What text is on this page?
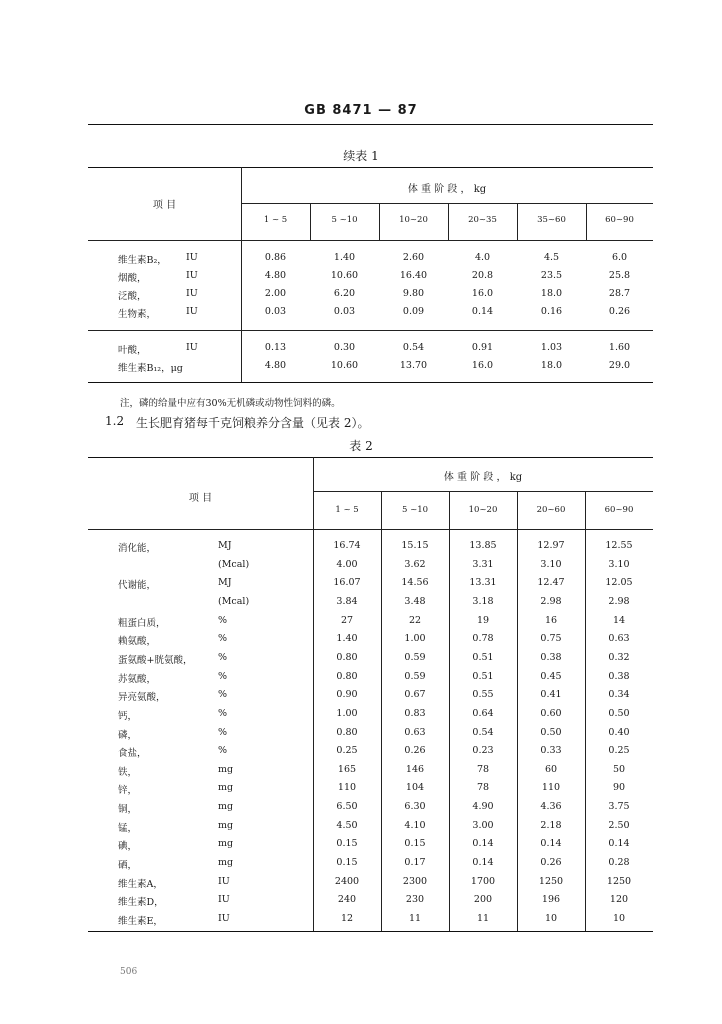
GB 8471 — 87
续表 1
项 目
体 重 阶 段 ， kg
1 ~ 5	5 ~10	10~20	20~35	35~60	60~90
维生素B₂， IU	0.86	1.40	2.60	4.0	4.5	6.0
烟酸，	IU	4.80	10.60	16.40	20.8	23.5	25.8
泛酸，	IU	2.00	6.20	9.80	16.0	18.0	28.7
生物素，	IU	0.03	0.03	0.09	0.14	0.16	0.26
叶酸，	IU	0.13	0.30	0.54	0.91	1.03	1.60
维生素B₁₂，μg	4.80	10.60	13.70	16.0	18.0	29.0
注，磷的给量中应有30%无机磷或动物性饲料的磷。
1.2 生长肥育猪每千克饲粮养分含量（见表 2）。
表 2
项 目
体 重 阶 段 ， kg
1 ~ 5	5 ~10	10~20	20~60	60~90
消化能，	MJ	16.74	15.15	13.85	12.97	12.55
(Mcal)	4.00	3.62	3.31	3.10	3.10
代谢能，	MJ	16.07	14.56	13.31	12.47	12.05
(Mcal)	3.84	3.48	3.18	2.98	2.98
粗蛋白质，	%	27	22	19	16	14
赖氨酸，	%	1.40	1.00	0.78	0.75	0.63
蛋氨酸+胱氨酸，	%	0.80	0.59	0.51	0.38	0.32
苏氨酸，	%	0.80	0.59	0.51	0.45	0.38
异亮氨酸，	%	0.90	0.67	0.55	0.41	0.34
钙，	%	1.00	0.83	0.64	0.60	0.50
磷，	%	0.80	0.63	0.54	0.50	0.40
食盐，	%	0.25	0.26	0.23	0.33	0.25
铁，	mg	165	146	78	60	50
锌，	mg	110	104	78	110	90
铜，	mg	6.50	6.30	4.90	4.36	3.75
锰，	mg	4.50	4.10	3.00	2.18	2.50
碘，	mg	0.15	0.15	0.14	0.14	0.14
硒，	mg	0.15	0.17	0.14	0.26	0.28
维生素A，	IU	2400	2300	1700	1250	1250
维生素D，	IU	240	230	200	196	120
维生素E，	IU	12	11	11	10	10
506
